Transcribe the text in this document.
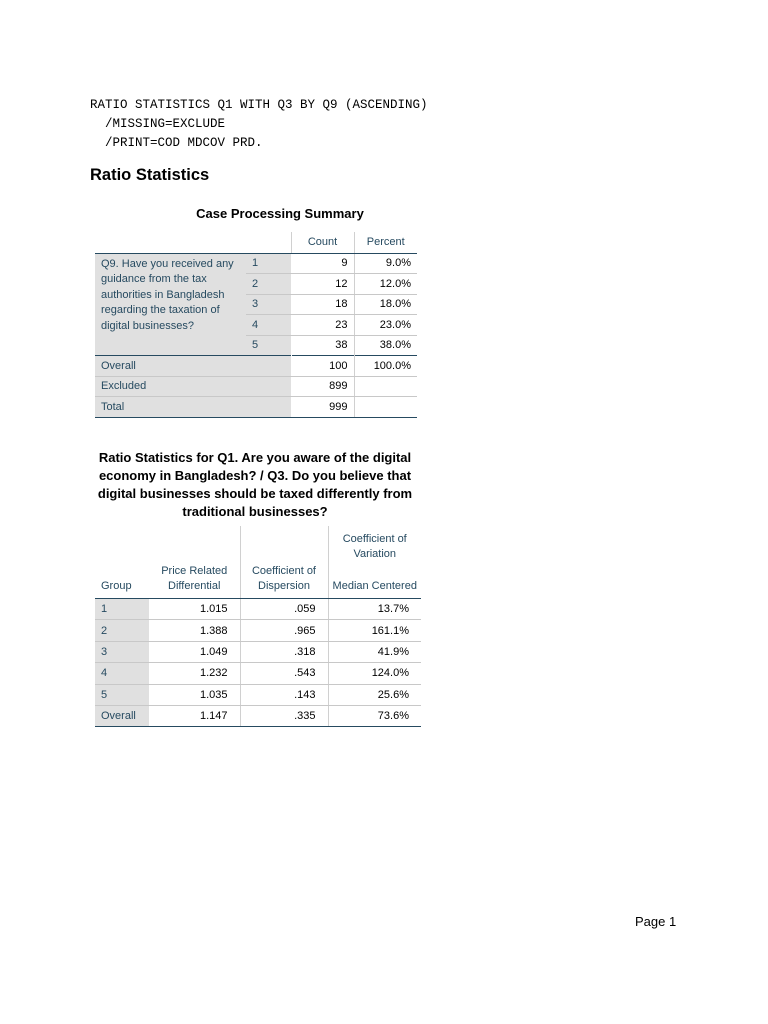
RATIO STATISTICS Q1 WITH Q3 BY Q9 (ASCENDING)
/MISSING=EXCLUDE
/PRINT=COD MDCOV PRD.
Ratio Statistics
Case Processing Summary
		Count	Percent
Q9. Have you received any guidance from the tax authorities in Bangladesh regarding the taxation of digital businesses?	1	9	9.0%
	2	12	12.0%
	3	18	18.0%
	4	23	23.0%
	5	38	38.0%
Overall		100	100.0%
Excluded		899	
Total		999	
Ratio Statistics for Q1. Are you aware of the digital economy in Bangladesh? / Q3. Do you believe that digital businesses should be taxed differently from traditional businesses?
Group	Price Related Differential	Coefficient of Dispersion	Coefficient of Variation
Median Centered

1	1.015	.059	13.7%
2	1.388	.965	161.1%
3	1.049	.318	41.9%
4	1.232	.543	124.0%
5	1.035	.143	25.6%
Overall	1.147	.335	73.6%
Page 1
